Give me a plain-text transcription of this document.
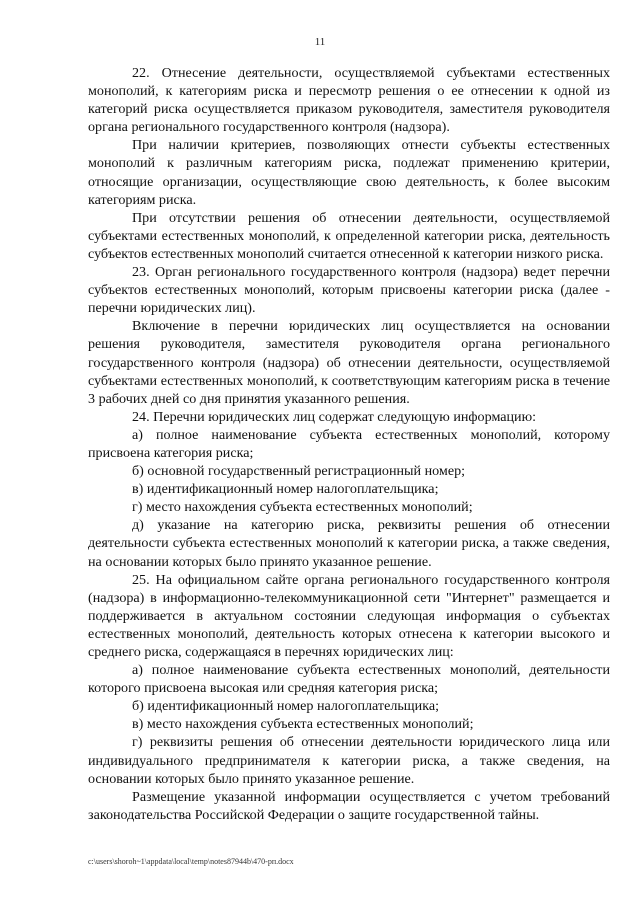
11

22. Отнесение деятельности, осуществляемой субъектами естественных монополий, к категориям риска и пересмотр решения о ее отнесении к одной из категорий риска осуществляется приказом руководителя, заместителя руководителя органа регионального государственного контроля (надзора).

При наличии критериев, позволяющих отнести субъекты естественных монополий к различным категориям риска, подлежат применению критерии, относящие организации, осуществляющие свою деятельность, к более высоким категориям риска.

При отсутствии решения об отнесении деятельности, осуществляемой субъектами естественных монополий, к определенной категории риска, деятельность субъектов естественных монополий считается отнесенной к категории низкого риска.

23. Орган регионального государственного контроля (надзора) ведет перечни субъектов естественных монополий, которым присвоены категории риска (далее - перечни юридических лиц).

Включение в перечни юридических лиц осуществляется на основании решения руководителя, заместителя руководителя органа регионального государственного контроля (надзора) об отнесении деятельности, осуществляемой субъектами естественных монополий, к соответствующим категориям риска в течение 3 рабочих дней со дня принятия указанного решения.

24. Перечни юридических лиц содержат следующую информацию:

а) полное наименование субъекта естественных монополий, которому присвоена категория риска;

б) основной государственный регистрационный номер;

в) идентификационный номер налогоплательщика;

г) место нахождения субъекта естественных монополий;

д) указание на категорию риска, реквизиты решения об отнесении деятельности субъекта естественных монополий к категории риска, а также сведения, на основании которых было принято указанное решение.

25. На официальном сайте органа регионального государственного контроля (надзора) в информационно-телекоммуникационной сети "Интернет" размещается и поддерживается в актуальном состоянии следующая информация о субъектах естественных монополий, деятельность которых отнесена к категории высокого и среднего риска, содержащаяся в перечнях юридических лиц:

а) полное наименование субъекта естественных монополий, деятельности которого присвоена высокая или средняя категория риска;

б) идентификационный номер налогоплательщика;

в) место нахождения субъекта естественных монополий;

г) реквизиты решения об отнесении деятельности юридического лица или индивидуального предпринимателя к категории риска, а также сведения, на основании которых было принято указанное решение.

Размещение указанной информации осуществляется с учетом требований законодательства Российской Федерации о защите государственной тайны.

c:\users\shoroh~1\appdata\local\temp\notes87944b\470-рп.docx
